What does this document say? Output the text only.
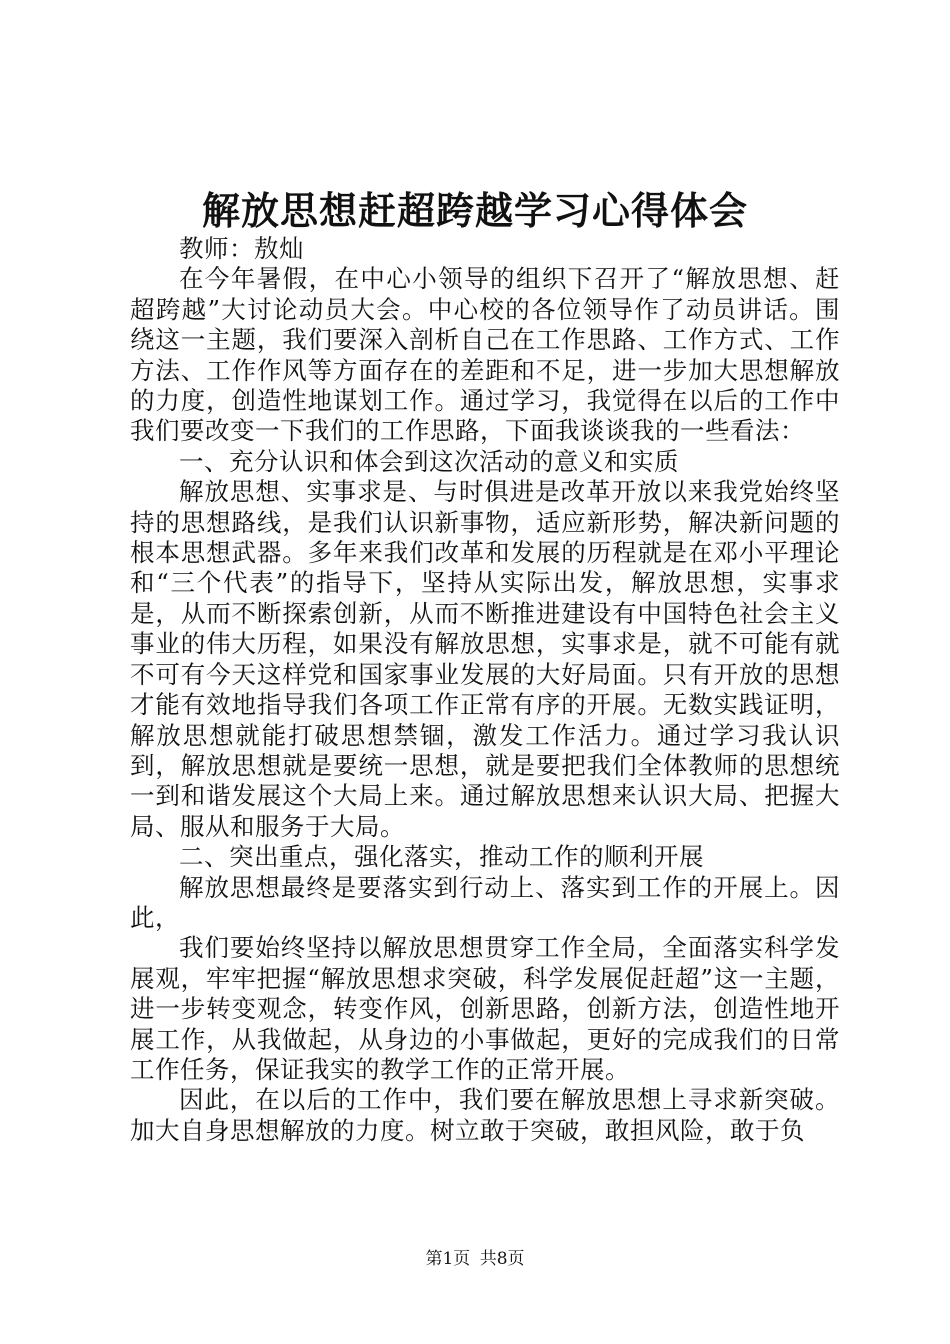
解放思想赶超跨越学习心得体会

教师：敖灿

在今年暑假，在中心小领导的组织下召开了“解放思想、赶超跨越”大讨论动员大会。中心校的各位领导作了动员讲话。围绕这一主题，我们要深入剖析自己在工作思路、工作方式、工作方法、工作作风等方面存在的差距和不足，进一步加大思想解放的力度，创造性地谋划工作。通过学习，我觉得在以后的工作中我们要改变一下我们的工作思路，下面我谈谈我的一些看法：

一、充分认识和体会到这次活动的意义和实质

解放思想、实事求是、与时俱进是改革开放以来我党始终坚持的思想路线，是我们认识新事物，适应新形势，解决新问题的根本思想武器。多年来我们改革和发展的历程就是在邓小平理论和“三个代表”的指导下，坚持从实际出发，解放思想，实事求是，从而不断探索创新，从而不断推进建设有中国特色社会主义事业的伟大历程，如果没有解放思想，实事求是，就不可能有就不可有今天这样党和国家事业发展的大好局面。只有开放的思想才能有效地指导我们各项工作正常有序的开展。无数实践证明，解放思想就能打破思想禁锢，激发工作活力。通过学习我认识到，解放思想就是要统一思想，就是要把我们全体教师的思想统一到和谐发展这个大局上来。通过解放思想来认识大局、把握大局、服从和服务于大局。

二、突出重点，强化落实，推动工作的顺利开展

解放思想最终是要落实到行动上、落实到工作的开展上。因此，

我们要始终坚持以解放思想贯穿工作全局，全面落实科学发展观，牢牢把握“解放思想求突破，科学发展促赶超”这一主题，进一步转变观念，转变作风，创新思路，创新方法，创造性地开展工作，从我做起，从身边的小事做起，更好的完成我们的日常工作任务，保证我实的教学工作的正常开展。

因此，在以后的工作中，我们要在解放思想上寻求新突破。加大自身思想解放的力度。树立敢于突破，敢担风险，敢于负

第1页 共8页
